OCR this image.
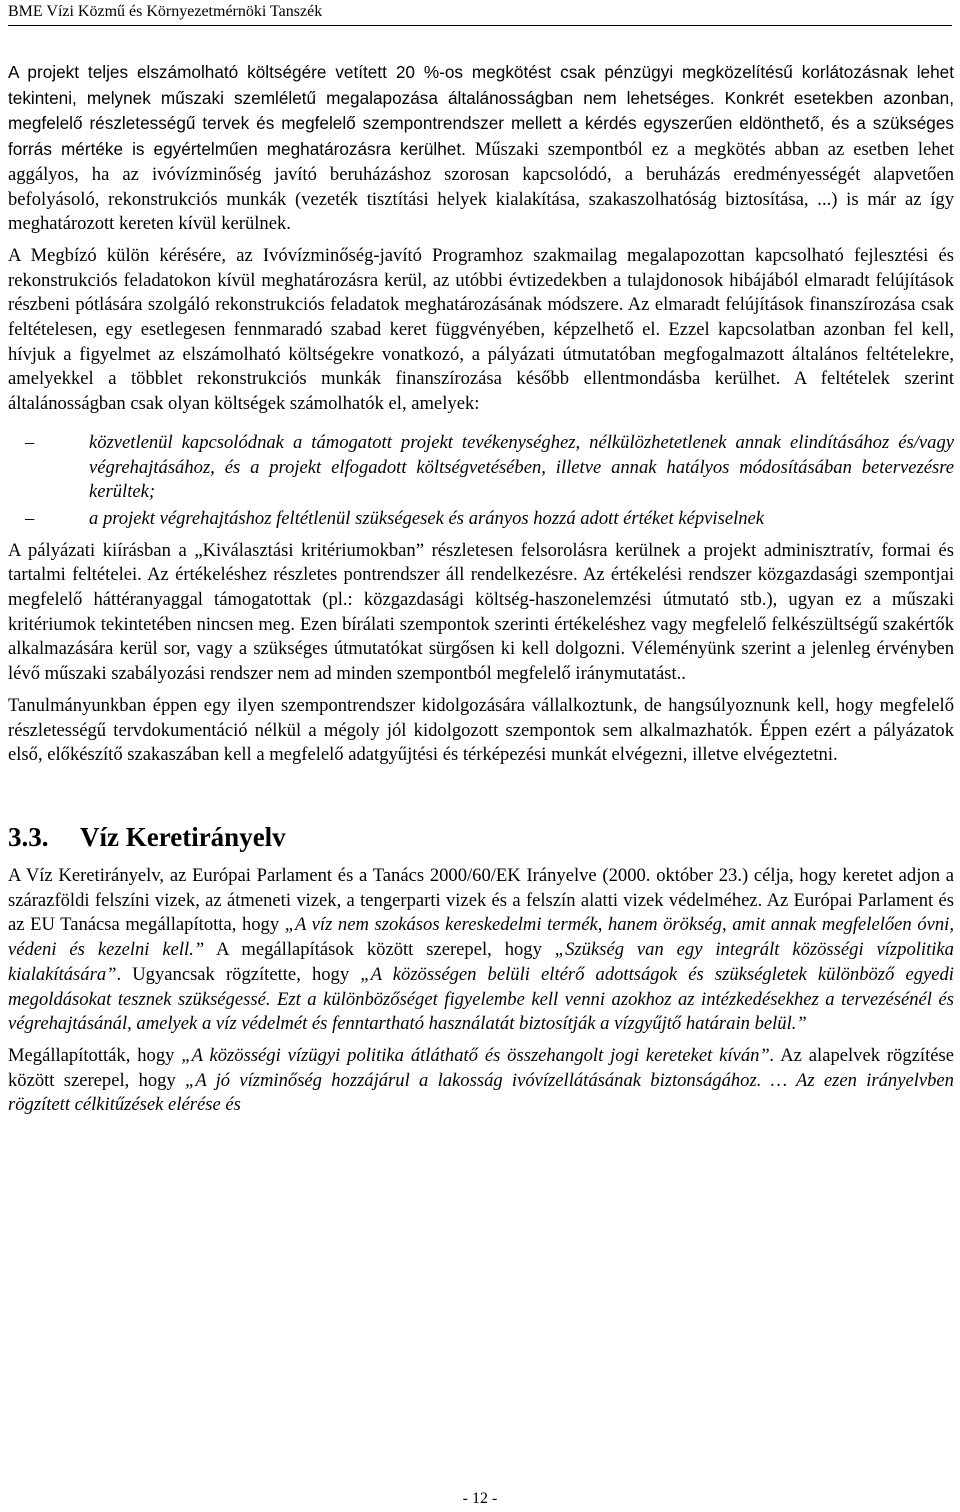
BME Vízi Közmű és Környezetmérnöki Tanszék

A projekt teljes elszámolható költségére vetített 20 %-os megkötést csak pénzügyi megközelítésű korlátozásnak lehet tekinteni, melynek műszaki szemléletű megalapozása általánosságban nem lehetséges. Konkrét esetekben azonban, megfelelő részletességű tervek és megfelelő szempontrendszer mellett a kérdés egyszerűen eldönthető, és a szükséges forrás mértéke is egyértelműen meghatározásra kerülhet. Műszaki szempontból ez a megkötés abban az esetben lehet aggályos, ha az ivóvízminőség javító beruházáshoz szorosan kapcsolódó, a beruházás eredményességét alapvetően befolyásoló, rekonstrukciós munkák (vezeték tisztítási helyek kialakítása, szakaszolhatóság biztosítása, ...) is már az így meghatározott kereten kívül kerülnek.

A Megbízó külön kérésére, az Ivóvízminőség-javító Programhoz szakmailag megalapozottan kapcsolható fejlesztési és rekonstrukciós feladatokon kívül meghatározásra kerül, az utóbbi évtizedekben a tulajdonosok hibájából elmaradt felújítások részbeni pótlására szolgáló rekonstrukciós feladatok meghatározásának módszere. Az elmaradt felújítások finanszírozása csak feltételesen, egy esetlegesen fennmaradó szabad keret függvényében, képzelhető el. Ezzel kapcsolatban azonban fel kell, hívjuk a figyelmet az elszámolható költségekre vonatkozó, a pályázati útmutatóban megfogalmazott általános feltételekre, amelyekkel a többlet rekonstrukciós munkák finanszírozása később ellentmondásba kerülhet. A feltételek szerint általánosságban csak olyan költségek számolhatók el, amelyek:

–	közvetlenül kapcsolódnak a támogatott projekt tevékenységhez, nélkülözhetetlenek annak elindításához és/vagy végrehajtásához, és a projekt elfogadott költségvetésében, illetve annak hatályos módosításában betervezésre kerültek;
–	a projekt végrehajtáshoz feltétlenül szükségesek és arányos hozzá adott értéket képviselnek

A pályázati kiírásban a „Kiválasztási kritériumokban” részletesen felsorolásra kerülnek a projekt adminisztratív, formai és tartalmi feltételei. Az értékeléshez részletes pontrendszer áll rendelkezésre. Az értékelési rendszer közgazdasági szempontjai megfelelő háttéranyaggal támogatottak (pl.: közgazdasági költség-haszonelemzési útmutató stb.), ugyan ez a műszaki kritériumok tekintetében nincsen meg. Ezen bírálati szempontok szerinti értékeléshez vagy megfelelő felkészültségű szakértők alkalmazására kerül sor, vagy a szükséges útmutatókat sürgősen ki kell dolgozni. Véleményünk szerint a jelenleg érvényben lévő műszaki szabályozási rendszer nem ad minden szempontból megfelelő iránymutatást..

Tanulmányunkban éppen egy ilyen szempontrendszer kidolgozására vállalkoztunk, de hangsúlyoznunk kell, hogy megfelelő részletességű tervdokumentáció nélkül a mégoly jól kidolgozott szempontok sem alkalmazhatók. Éppen ezért a pályázatok első, előkészítő szakaszában kell a megfelelő adatgyűjtési és térképezési munkát elvégezni, illetve elvégeztetni.

3.3. Víz Keretirányelv

A Víz Keretirányelv, az Európai Parlament és a Tanács 2000/60/EK Irányelve (2000. október 23.) célja, hogy keretet adjon a szárazföldi felszíni vizek, az átmeneti vizek, a tengerparti vizek és a felszín alatti vizek védelméhez. Az Európai Parlament és az EU Tanácsa megállapította, hogy „A víz nem szokásos kereskedelmi termék, hanem örökség, amit annak megfelelően óvni, védeni és kezelni kell.” A megállapítások között szerepel, hogy „Szükség van egy integrált közösségi vízpolitika kialakítására”. Ugyancsak rögzítette, hogy „A közösségen belüli eltérő adottságok és szükségletek különböző egyedi megoldásokat tesznek szükségessé. Ezt a különbözőséget figyelembe kell venni azokhoz az intézkedésekhez a tervezésénél és végrehajtásánál, amelyek a víz védelmét és fenntartható használatát biztosítják a vízgyűjtő határain belül.”

Megállapították, hogy „A közösségi vízügyi politika átláthatő és összehangolt jogi kereteket kíván”. Az alapelvek rögzítése között szerepel, hogy „A jó vízminőség hozzájárul a lakosság ivóvízellátásának biztonságához. … Az ezen irányelvben rögzített célkitűzések elérése és

- 12 -
